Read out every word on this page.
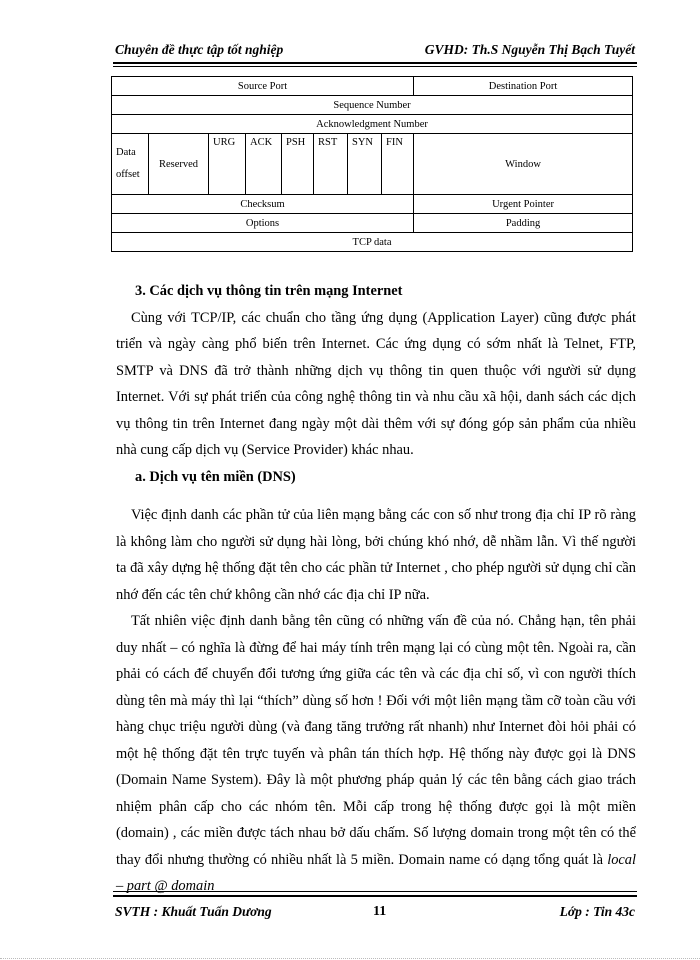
Chuyên đề thực tập tốt nghiệp	GVHD: Th.S Nguyễn Thị Bạch Tuyết
Source Port								Destination Port
Sequence Number								
Acknowledgment Number								
Data offset	Reserved	URG	ACK	PSH	RST	SYN	FIN	Window
Checksum								Urgent Pointer
Options								Padding
TCP data								

3. Các dịch vụ thông tin trên mạng Internet

Cùng với TCP/IP, các chuẩn cho tầng ứng dụng (Application Layer) cũng được phát triển và ngày càng phổ biến trên Internet. Các ứng dụng có sớm nhất là Telnet, FTP, SMTP và DNS đã trở thành những dịch vụ thông tin quen thuộc với người sử dụng Internet. Với sự phát triển của công nghệ thông tin và nhu cầu xã hội, danh sách các dịch vụ thông tin trên Internet đang ngày một dài thêm với sự đóng góp sản phẩm của nhiều nhà cung cấp dịch vụ (Service Provider) khác nhau.

a. Dịch vụ tên miền (DNS)

Việc định danh các phần tử của liên mạng bằng các con số như trong địa chỉ IP rõ ràng là không làm cho người sử dụng hài lòng, bởi chúng khó nhớ, dễ nhầm lẫn. Vì thế người ta đã xây dựng hệ thống đặt tên cho các phần tử Internet , cho phép người sử dụng chỉ cần nhớ đến các tên chứ không cần nhớ các địa chỉ IP nữa.

Tất nhiên việc định danh bằng tên cũng có những vấn đề của nó. Chẳng hạn, tên phải duy nhất – có nghĩa là đừng để hai máy tính trên mạng lại có cùng một tên. Ngoài ra, cần phải có cách để chuyển đổi tương ứng giữa các tên và các địa chỉ số, vì con người thích dùng tên mà máy thì lại “thích” dùng số hơn ! Đối với một liên mạng tầm cỡ toàn cầu với hàng chục triệu người dùng (và đang tăng trưởng rất nhanh) như Internet đòi hỏi phải có một hệ thống đặt tên trực tuyến và phân tán thích hợp. Hệ thống này được gọi là DNS (Domain Name System). Đây là một phương pháp quản lý các tên bằng cách giao trách nhiệm phân cấp cho các nhóm tên. Mỗi cấp trong hệ thống được gọi là một miền (domain) , các miền được tách nhau bở dấu chấm. Số lượng domain trong một tên có thể thay đổi nhưng thường có nhiều nhất là 5 miền. Domain name có dạng tổng quát là local – part @ domain

SVTH : Khuất Tuấn Dương	11	Lớp : Tin 43c
